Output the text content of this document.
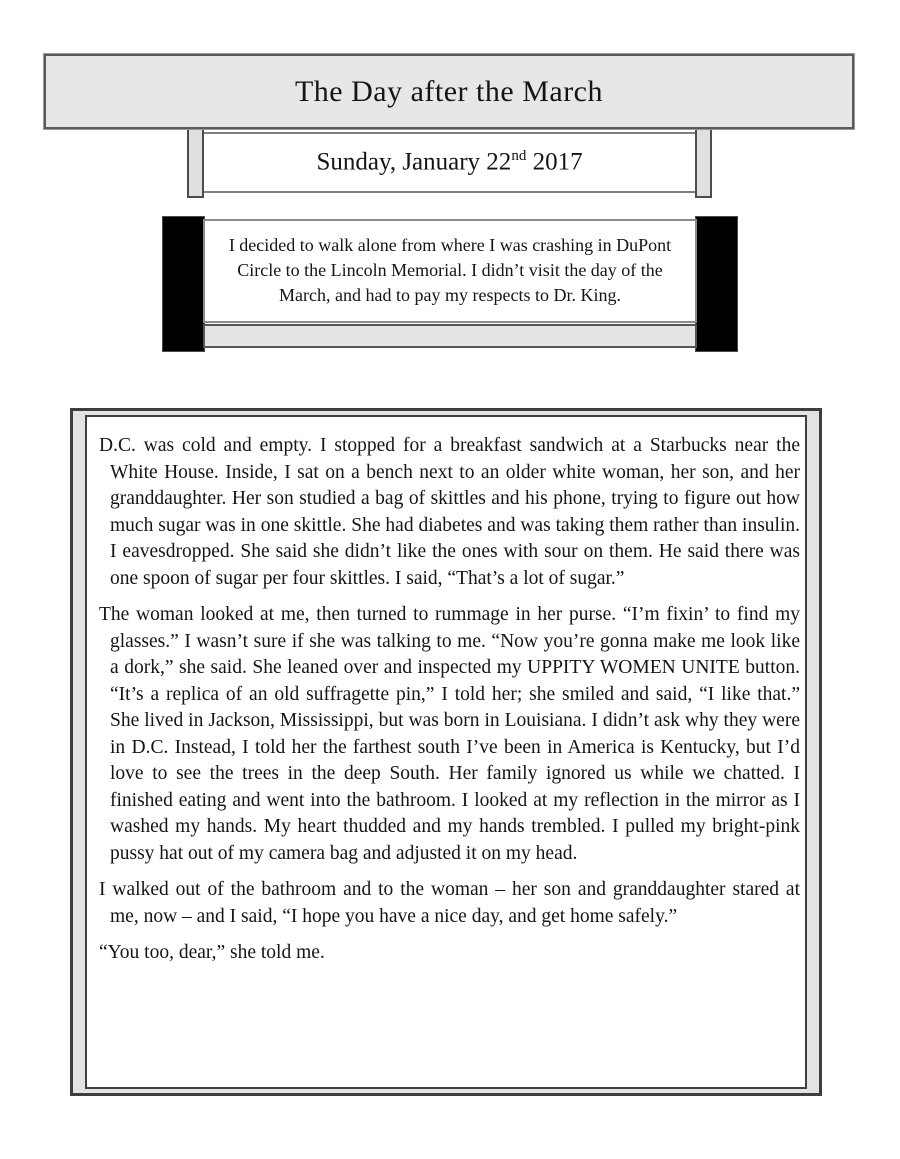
The Day after the March
Sunday, January 22nd 2017

I decided to walk alone from where I was crashing in DuPont Circle to the Lincoln Memorial. I didn’t visit the day of the March, and had to pay my respects to Dr. King.

D.C. was cold and empty. I stopped for a breakfast sandwich at a Starbucks near the White House. Inside, I sat on a bench next to an older white woman, her son, and her granddaughter. Her son studied a bag of skittles and his phone, trying to figure out how much sugar was in one skittle. She had diabetes and was taking them rather than insulin. I eavesdropped. She said she didn’t like the ones with sour on them. He said there was one spoon of sugar per four skittles. I said, “That’s a lot of sugar.”

The woman looked at me, then turned to rummage in her purse. “I’m fixin’ to find my glasses.” I wasn’t sure if she was talking to me. “Now you’re gonna make me look like a dork,” she said. She leaned over and inspected my UPPITY WOMEN UNITE button. “It’s a replica of an old suffragette pin,” I told her; she smiled and said, “I like that.” She lived in Jackson, Mississippi, but was born in Louisiana. I didn’t ask why they were in D.C. Instead, I told her the farthest south I’ve been in America is Kentucky, but I’d love to see the trees in the deep South. Her family ignored us while we chatted. I finished eating and went into the bathroom. I looked at my reflection in the mirror as I washed my hands. My heart thudded and my hands trembled. I pulled my bright-pink pussy hat out of my camera bag and adjusted it on my head.

I walked out of the bathroom and to the woman – her son and granddaughter stared at me, now – and I said, “I hope you have a nice day, and get home safely.”

“You too, dear,” she told me.
